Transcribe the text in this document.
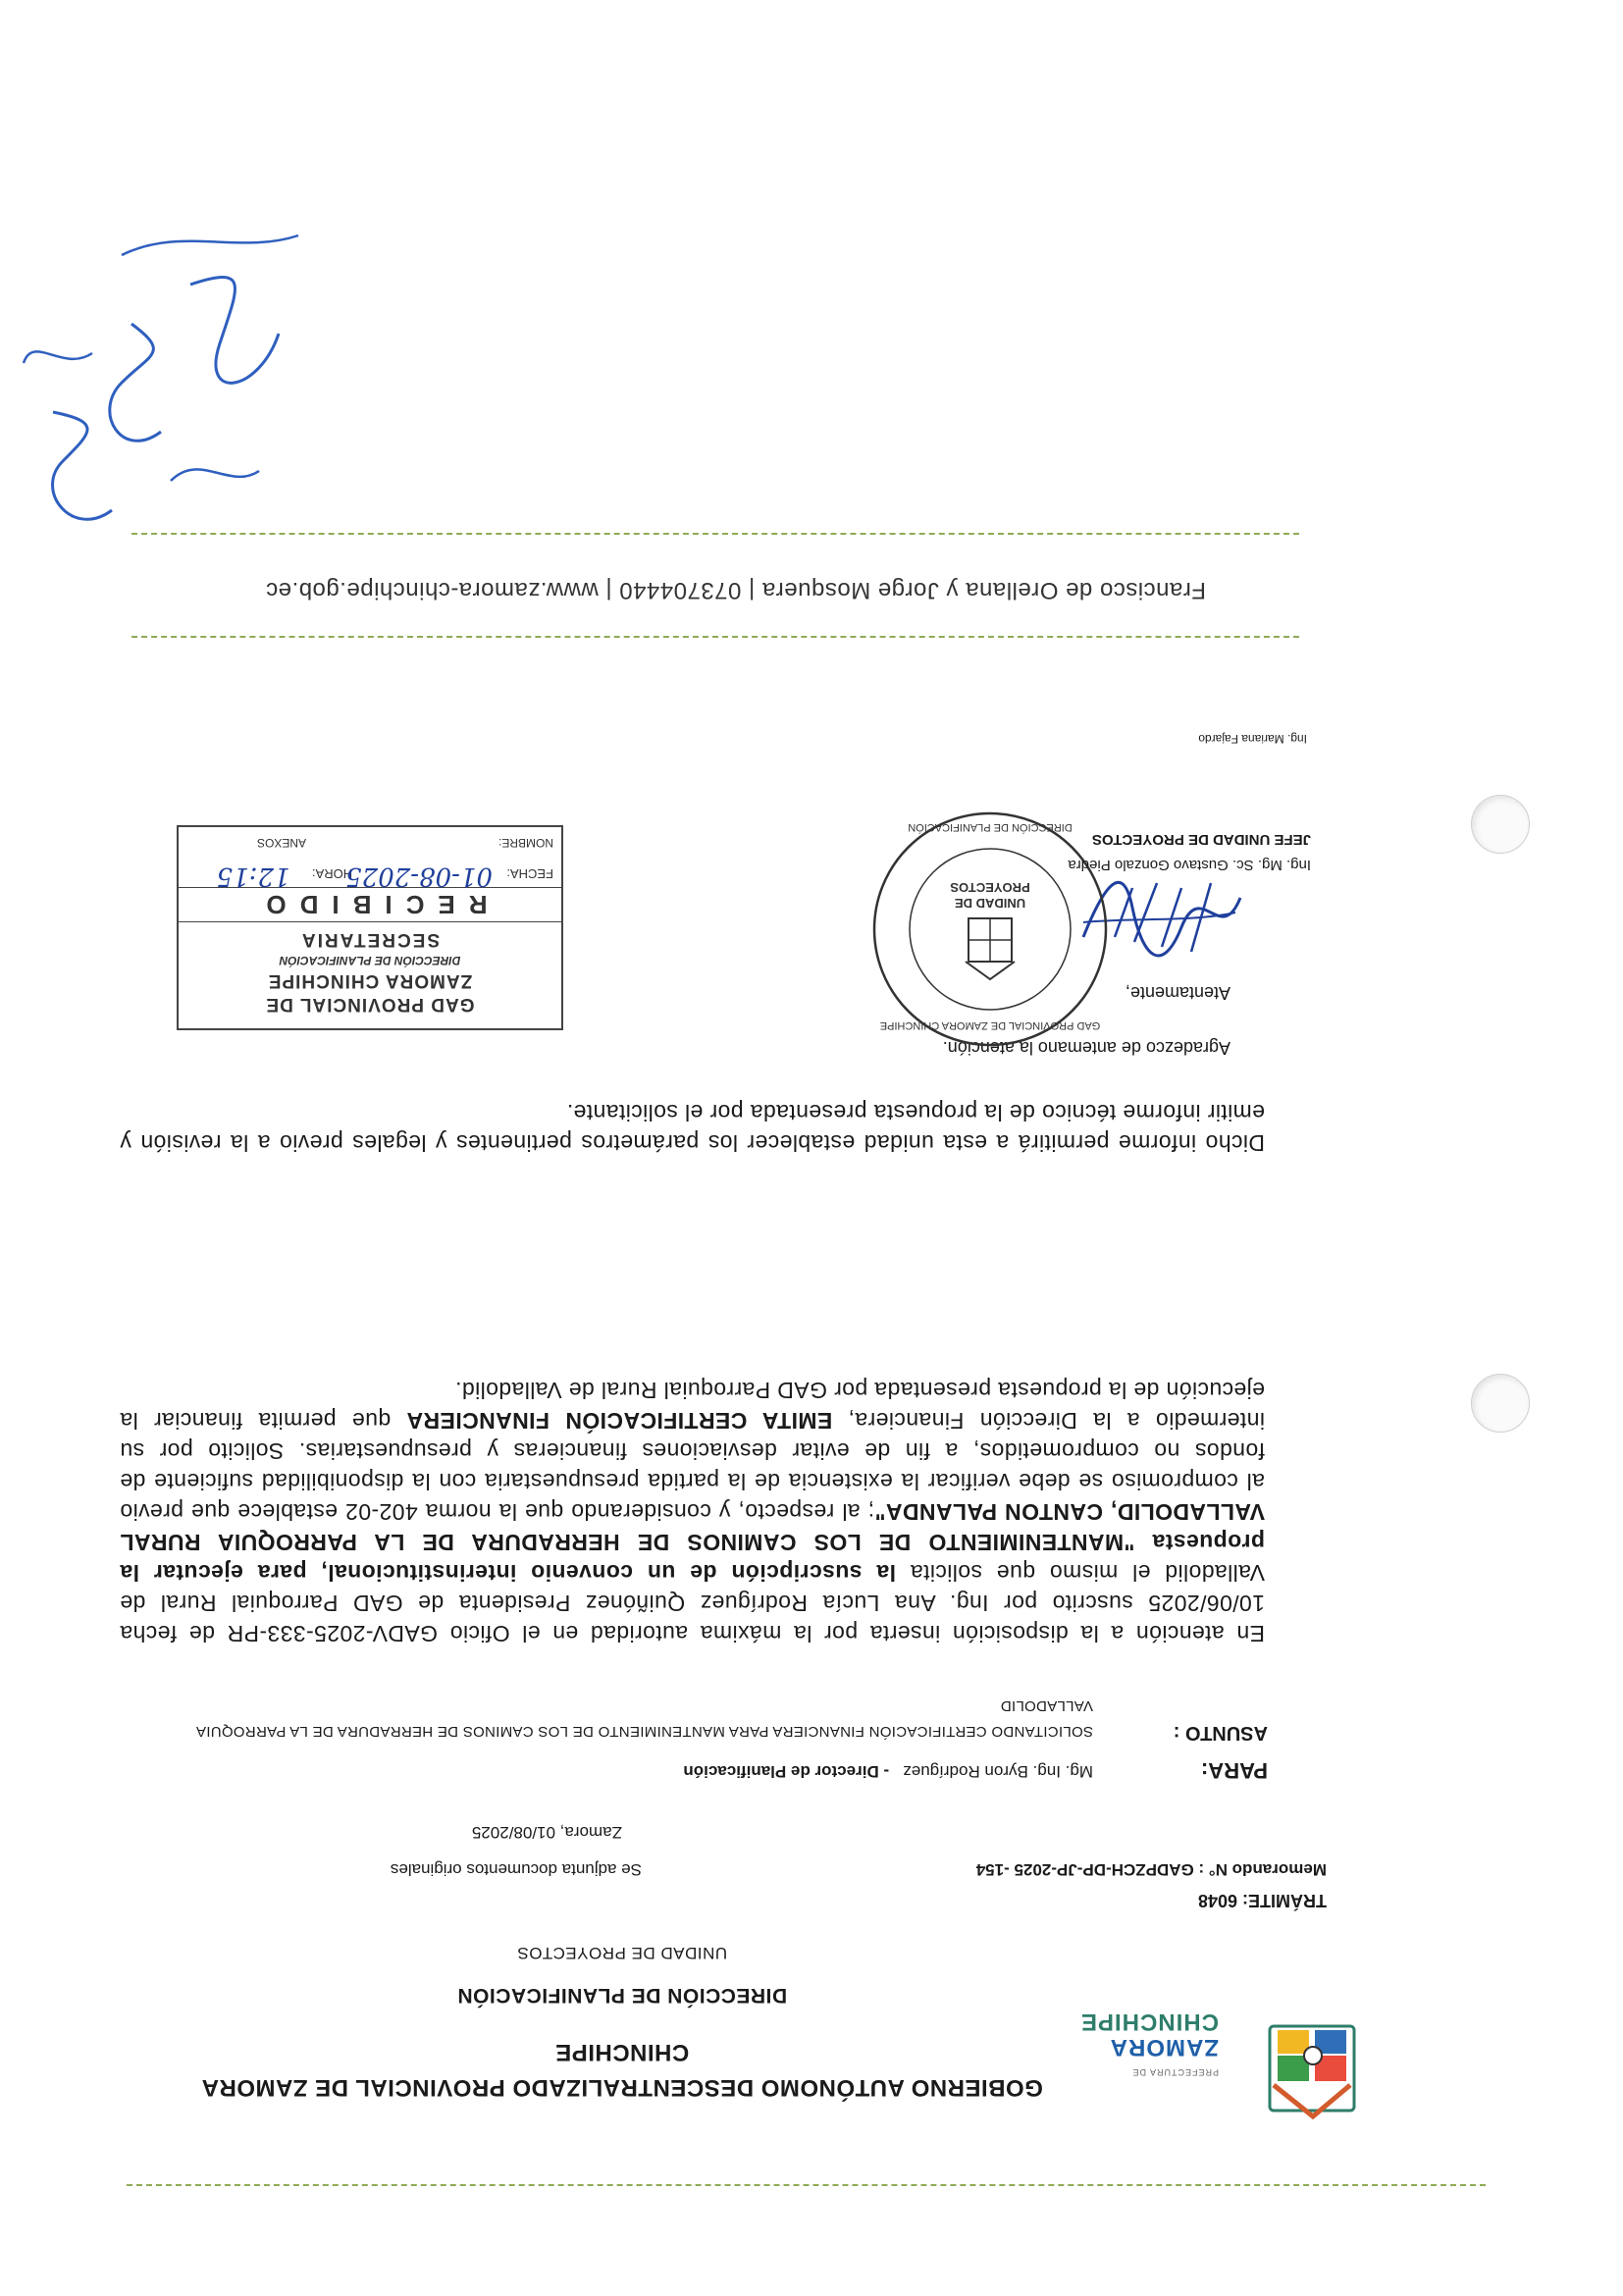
PREFECTURA DE
ZAMORA
CHINCHIPE
GOBIERNO AUTÓNOMO DESCENTRALIZADO PROVINCIAL DE ZAMORA CHINCHIPE
DIRECCIÓN DE PLANIFICACIÓN
UNIDAD DE PROYECTOS
TRÁMITE: 6048
Memorando N° : GADPZCH-DP-JP-2025 -154
Se adjunta documentos originales
Zamora, 01/08/2025
PARA:
Mg. Ing. Byron Rodríguez   - Director de Planificación
ASUNTO :
SOLICITANDO CERTIFICACIÓN FINANCIERA PARA MANTENIMIENTO DE LOS CAMINOS DE HERRADURA DE LA PARROQUIA VALLADOLID
En atención a la disposición inserta por la máxima autoridad en el Oficio GADV-2025-333-PR de fecha 10/06/2025 suscrito por Ing. Ana Lucía Rodríguez Quiñónez Presidenta de GAD Parroquial Rural de Valladolid el mismo que solicita la suscripción de un convenio interinstitucional, para ejecutar la propuesta "MANTENIMIENTO DE LOS CAMINOS DE HERRADURA DE LA PARROQUIA RURAL VALLADOLID, CANTON PALANDA"; al respecto, y considerando que la norma 402-02 establece que previo al compromiso se debe verificar la existencia de la partida presupuestaria con la disponibilidad suficiente de fondos no comprometidos, a fin de evitar desviaciones financieras y presupuestarias. Solicito por su intermedio a la Dirección Financiera, EMITA CERTIFICACIÓN FINANCIERA que permita financiar la ejecución de la propuesta presentada por GAD Parroquial Rural de Valladolid.
Dicho informe permitirá a esta unidad establecer los parámetros pertinentes y legales previo a la revisión y emitir informe técnico de la propuesta presentada por el solicitante.
Agradezco de antemano la atención.
Atentamente,
UNIDAD DE
PROYECTOS
GAD PROVINCIAL DE ZAMORA CHINCHIPE
DIRECCIÓN DE PLANIFICACIÓN
Ing. Mg. Sc. Gustavo Gonzalo Piedra
JEFE UNIDAD DE PROYECTOS
Ing. Mariana Fajardo
GAD PROVINCIAL DE
ZAMORA CHINCHIPE
DIRECCIÓN DE PLANIFICACIÓN
SECRETARIA
RECIBIDO
FECHA:  HORA:
01-08-2025  12:15
NOMBRE:
ANEXOS
Francisco de Orellana y Jorge Mosquera | 073704440 | www.zamora-chinchipe.gob.ec
